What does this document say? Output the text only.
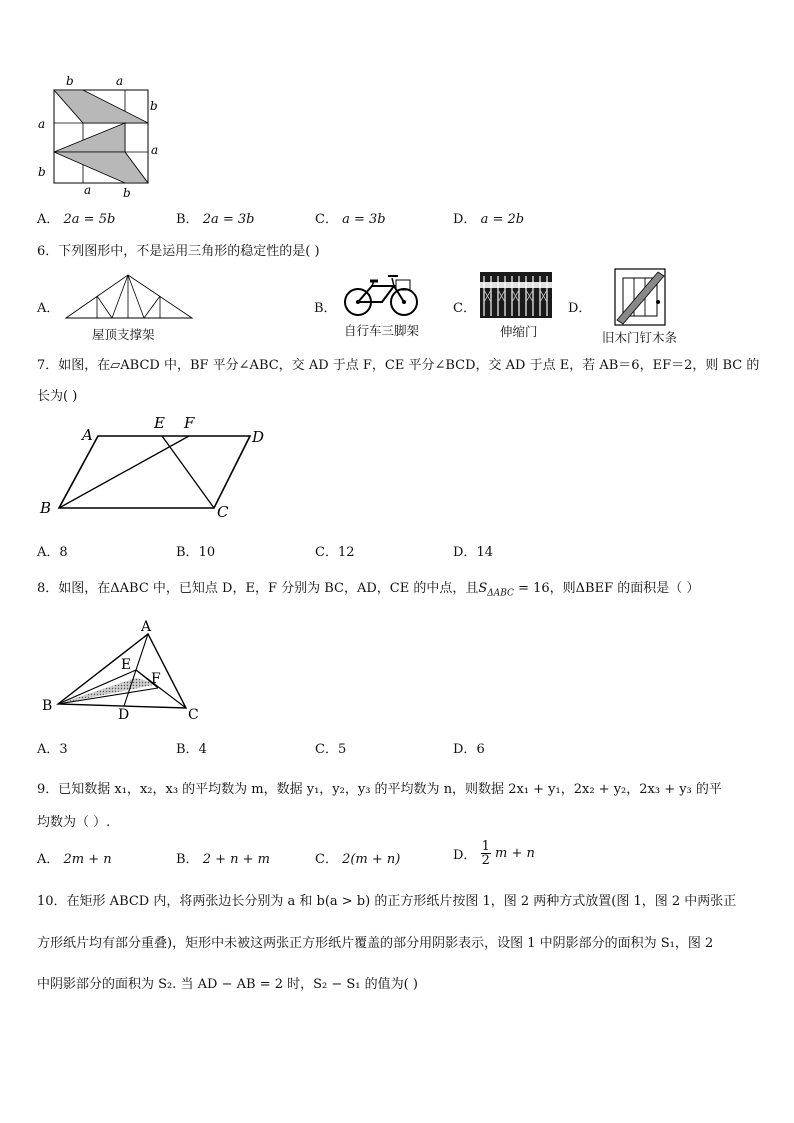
b	a
b
a
a
b
a	b
A． 2a = 5b	B． 2a = 3b	C． a = 3b	D． a = 2b
6．下列图形中，不是运用三角形的稳定性的是( )
A．
屋顶支撑架
B．
自行车三脚架
C．
伸缩门
D．
旧木门钉木条
7．如图，在▱ABCD 中，BF 平分∠ABC，交 AD 于点 F，CE 平分∠BCD，交 AD 于点 E，若 AB＝6，EF＝2，则 BC 的
长为( )
A
E F
D
B	C
A．8	B．10	C．12	D．14
8．如图，在ΔABC 中，已知点 D，E，F 分别为 BC，AD，CE 的中点，且$S_{\Delta ABC} = 16$，则ΔBEF 的面积是（ ）
A
E
F
B
D	C
A．3	B．4	C．5	D．6
9．已知数据 x₁，x₂，x₃ 的平均数为 m，数据 y₁，y₂，y₃ 的平均数为 n，则数据 2x₁ + y₁，2x₂ + y₂，2x₃ + y₃ 的平
均数为（ ）.
A． 2m + n	B． 2 + n + m	C． 2(m + n)	D． $\frac{1}{2}$ m + n
10．在矩形 ABCD 内，将两张边长分别为 a 和 b(a > b) 的正方形纸片按图 1，图 2 两种方式放置(图 1，图 2 中两张正
方形纸片均有部分重叠)，矩形中未被这两张正方形纸片覆盖的部分用阴影表示，设图 1 中阴影部分的面积为 S₁，图 2
中阴影部分的面积为 S₂. 当 AD − AB = 2 时，S₂ − S₁ 的值为( )
